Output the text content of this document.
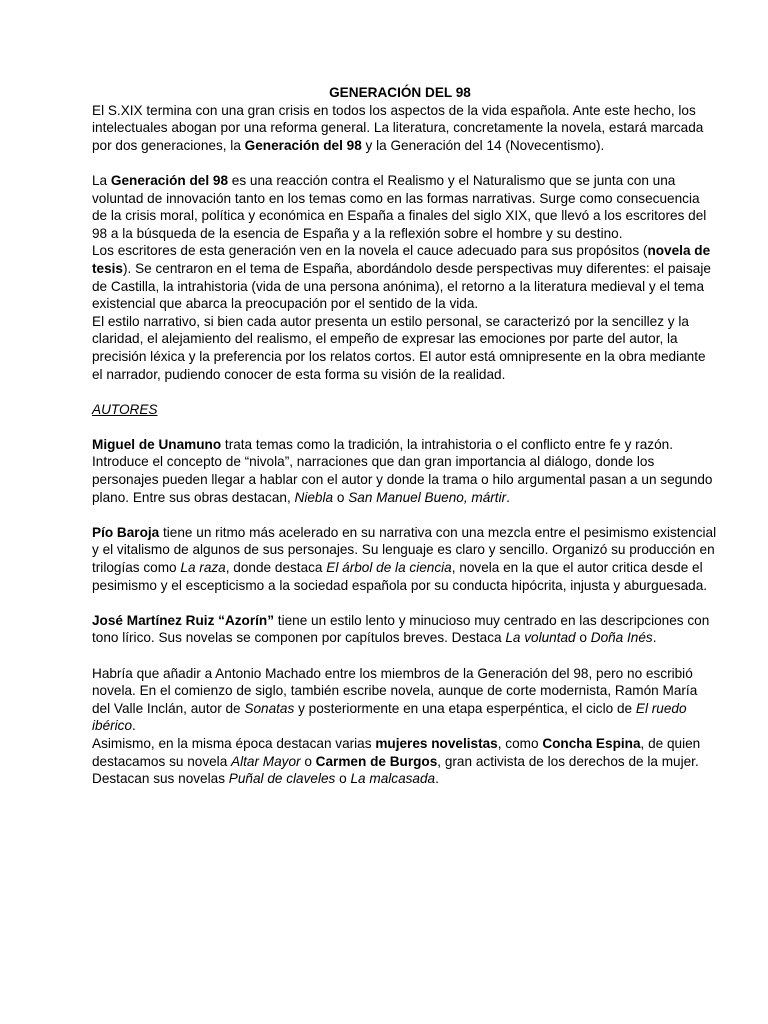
GENERACIÓN DEL 98

El S.XIX termina con una gran crisis en todos los aspectos de la vida española. Ante este hecho, los intelectuales abogan por una reforma general. La literatura, concretamente la novela, estará marcada por dos generaciones, la Generación del 98 y la Generación del 14 (Novecentismo).

La Generación del 98 es una reacción contra el Realismo y el Naturalismo que se junta con una voluntad de innovación tanto en los temas como en las formas narrativas. Surge como consecuencia de la crisis moral, política y económica en España a finales del siglo XIX, que llevó a los escritores del 98 a la búsqueda de la esencia de España y a la reflexión sobre el hombre y su destino.

Los escritores de esta generación ven en la novela el cauce adecuado para sus propósitos (novela de tesis). Se centraron en el tema de España, abordándolo desde perspectivas muy diferentes: el paisaje de Castilla, la intrahistoria (vida de una persona anónima), el retorno a la literatura medieval y el tema existencial que abarca la preocupación por el sentido de la vida.

El estilo narrativo, si bien cada autor presenta un estilo personal, se caracterizó por la sencillez y la claridad, el alejamiento del realismo, el empeño de expresar las emociones por parte del autor, la precisión léxica y la preferencia por los relatos cortos. El autor está omnipresente en la obra mediante el narrador, pudiendo conocer de esta forma su visión de la realidad.

AUTORES

Miguel de Unamuno trata temas como la tradición, la intrahistoria o el conflicto entre fe y razón. Introduce el concepto de “nivola”, narraciones que dan gran importancia al diálogo, donde los personajes pueden llegar a hablar con el autor y donde la trama o hilo argumental pasan a un segundo plano. Entre sus obras destacan, Niebla o San Manuel Bueno, mártir.

Pío Baroja tiene un ritmo más acelerado en su narrativa con una mezcla entre el pesimismo existencial y el vitalismo de algunos de sus personajes. Su lenguaje es claro y sencillo. Organizó su producción en trilogías como La raza, donde destaca El árbol de la ciencia, novela en la que el autor critica desde el pesimismo y el escepticismo a la sociedad española por su conducta hipócrita, injusta y aburguesada.

José Martínez Ruiz “Azorín” tiene un estilo lento y minucioso muy centrado en las descripciones con tono lírico. Sus novelas se componen por capítulos breves. Destaca La voluntad o Doña Inés.

Habría que añadir a Antonio Machado entre los miembros de la Generación del 98, pero no escribió novela. En el comienzo de siglo, también escribe novela, aunque de corte modernista, Ramón María del Valle Inclán, autor de Sonatas y posteriormente en una etapa esperpéntica, el ciclo de El ruedo ibérico.

Asimismo, en la misma época destacan varias mujeres novelistas, como Concha Espina, de quien destacamos su novela Altar Mayor o Carmen de Burgos, gran activista de los derechos de la mujer. Destacan sus novelas Puñal de claveles o La malcasada.
